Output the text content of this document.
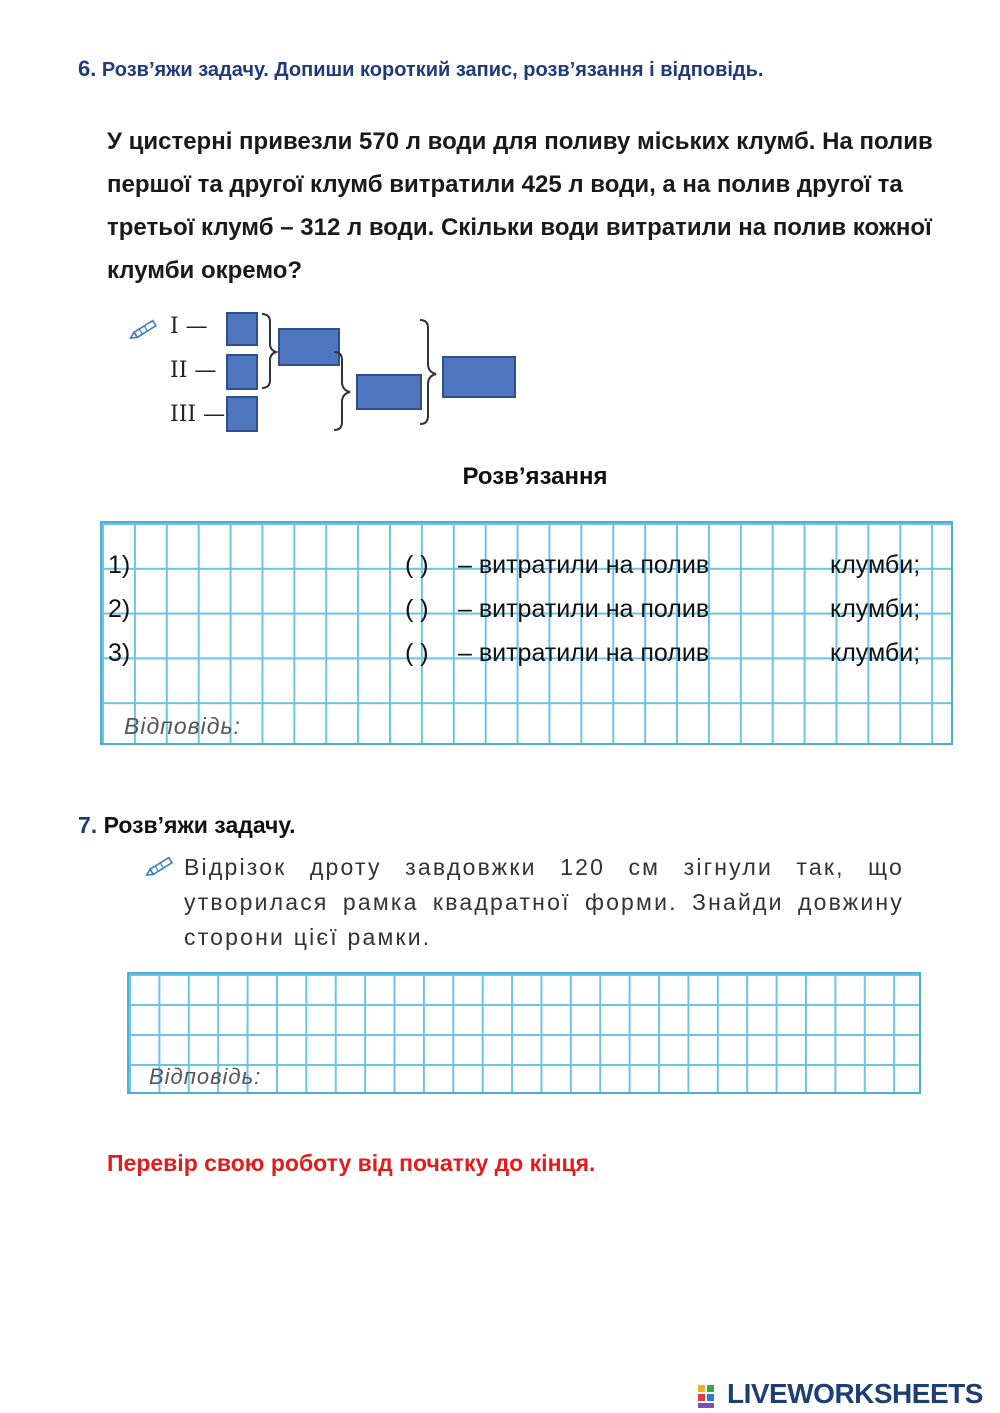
6. Розв’яжи задачу. Допиши короткий запис, розв’язання і відповідь.
У цистерні привезли 570 л води для поливу міських клумб. На полив першої та другої клумб витратили 425 л води, а на полив другої та третьої клумб – 312 л води. Скільки води витратили на полив кожної клумби окремо?
I —
II —
III —
Розв’язання
1)	( ) – витратили на полив	клумби;
2)	( ) – витратили на полив	клумби;
3)	( ) – витратили на полив	клумби;
Відповідь:
7. Розв’яжи задачу.
Відрізок дроту завдовжки 120 см зігнули так, що утворилася рамка квадратної форми. Знайди довжину сторони цієї рамки.
Відповідь:
Перевір свою роботу від початку до кінця.
LIVEWORKSHEETS
